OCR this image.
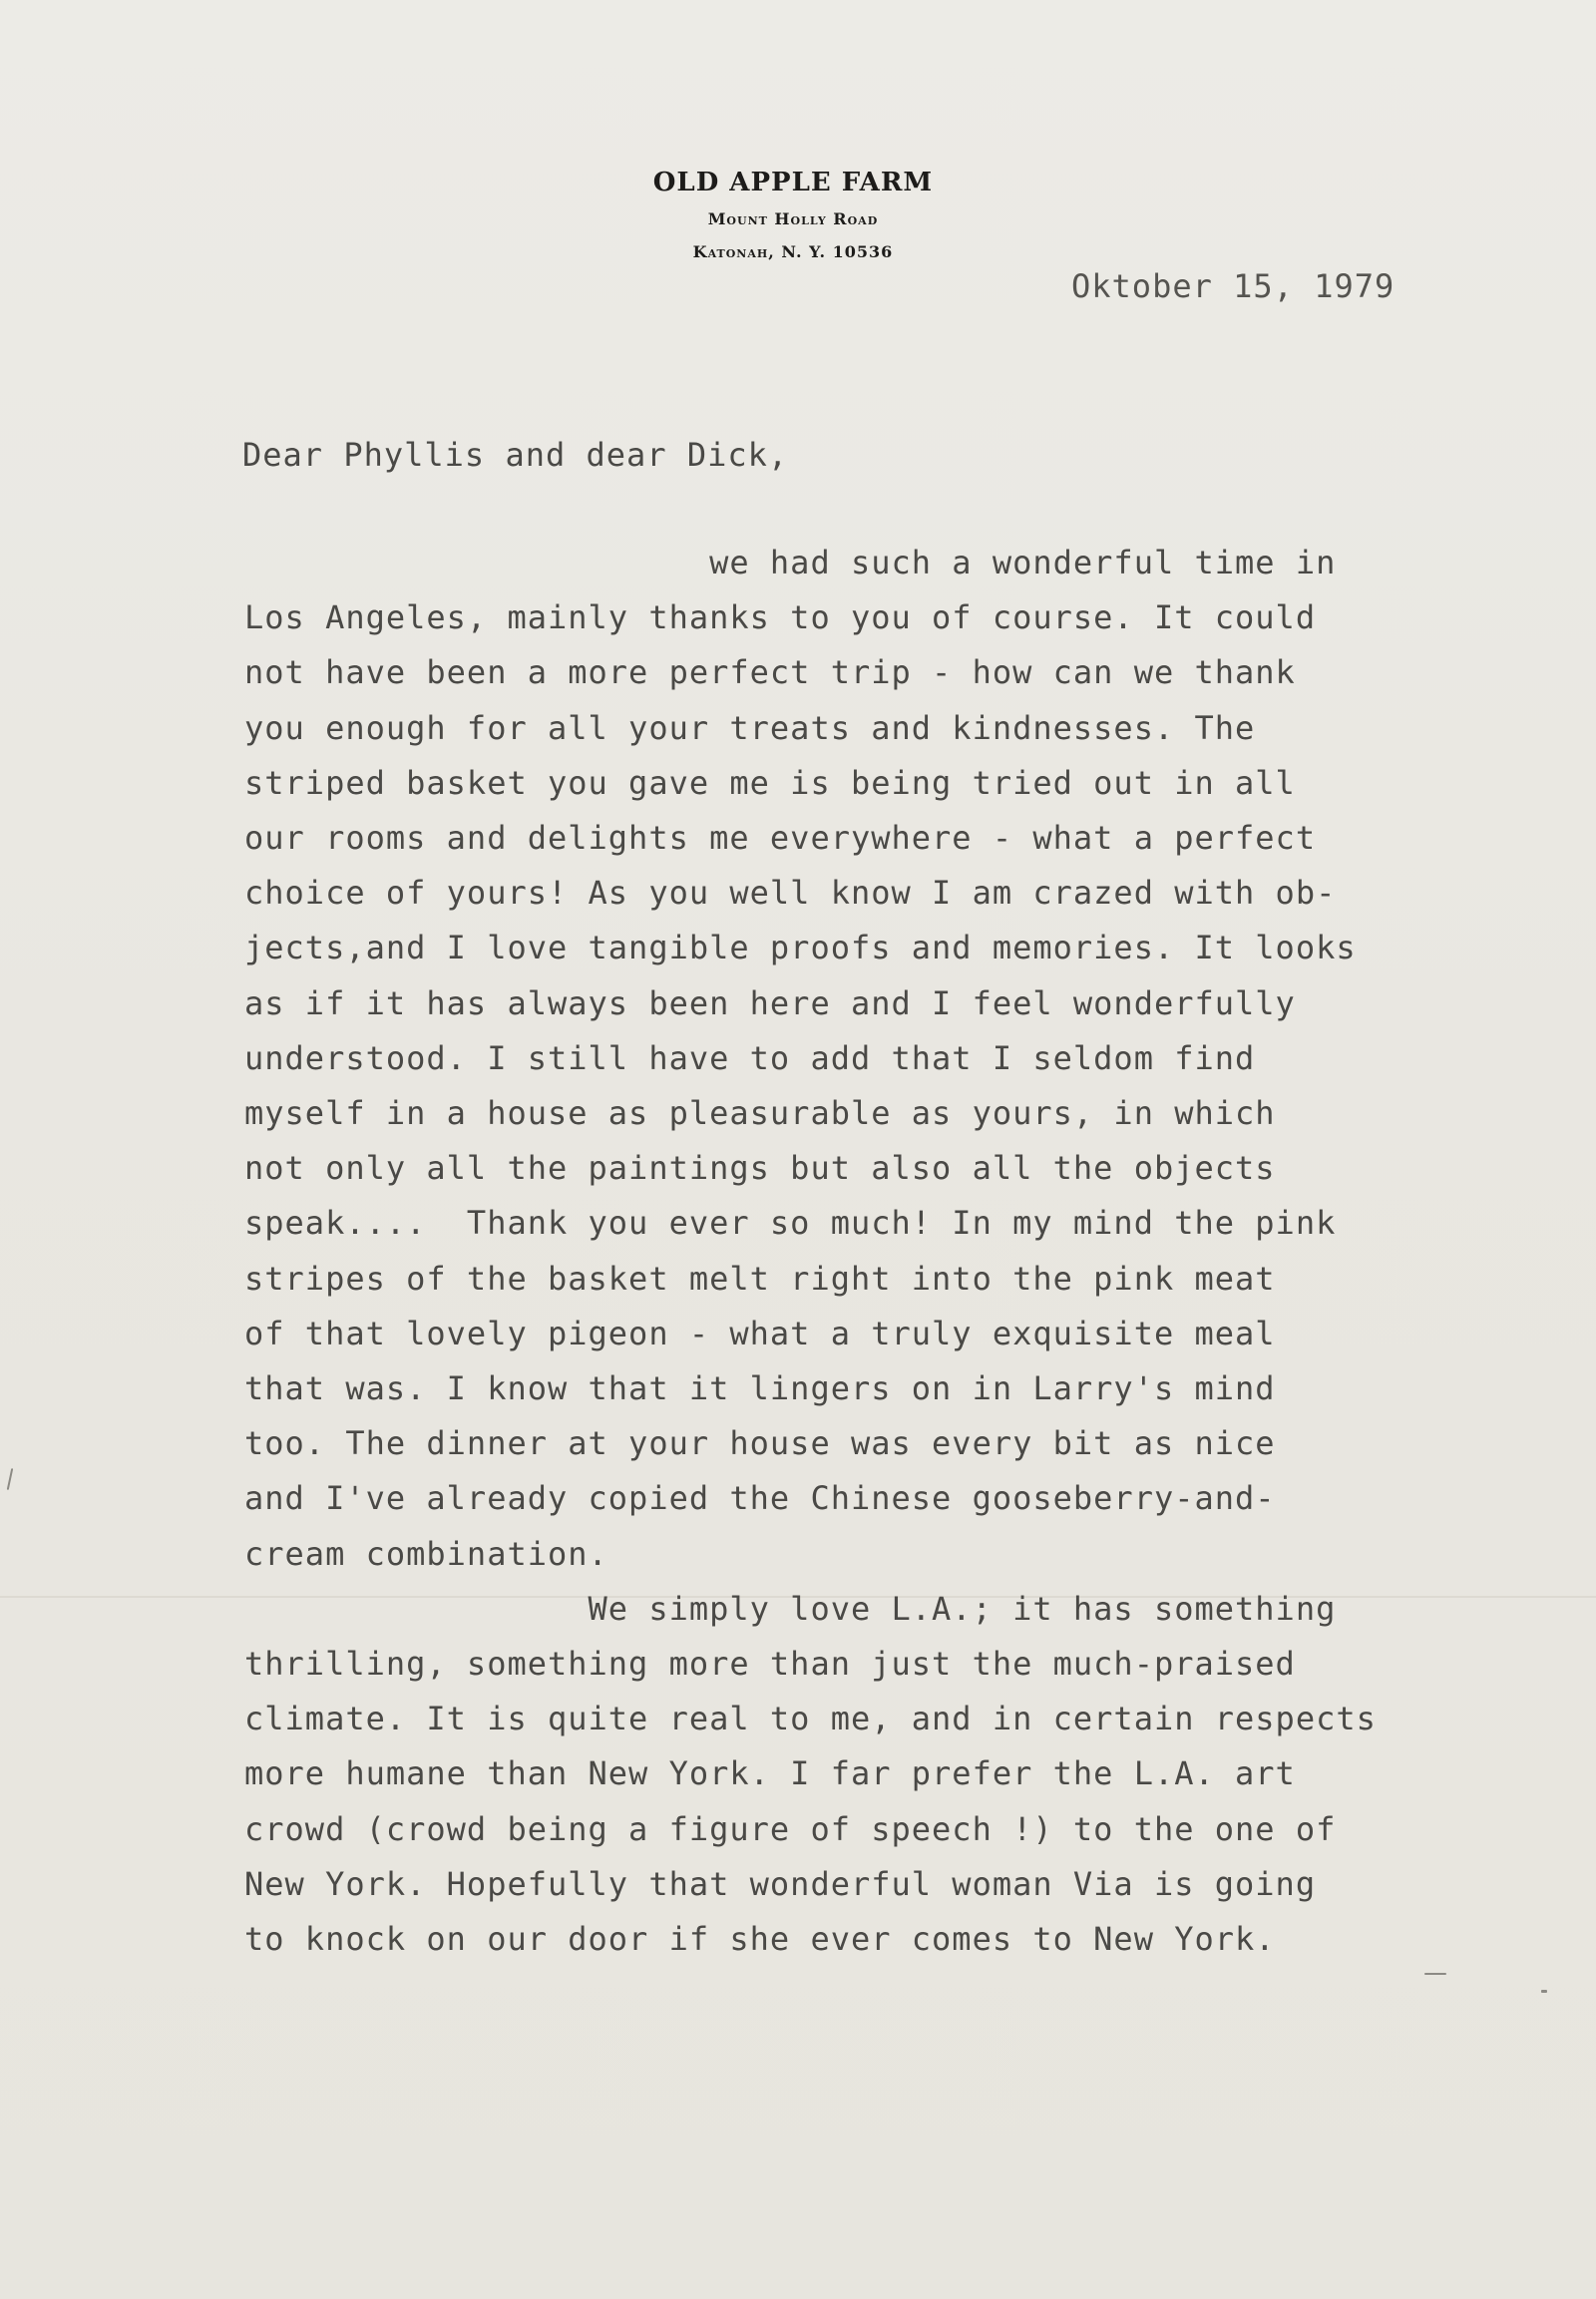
OLD APPLE FARM
Mount Holly Road
Katonah, N. Y. 10536
Oktober 15, 1979
Dear Phyllis and dear Dick,
we had such a wonderful time in
Los Angeles, mainly thanks to you of course. It could
not have been a more perfect trip - how can we thank
you enough for all your treats and kindnesses. The
striped basket you gave me is being tried out in all
our rooms and delights me everywhere - what a perfect
choice of yours! As you well know I am crazed with ob-
jects,and I love tangible proofs and memories. It looks
as if it has always been here and I feel wonderfully
understood. I still have to add that I seldom find
myself in a house as pleasurable as yours, in which
not only all the paintings but also all the objects
speak....  Thank you ever so much! In my mind the pink
stripes of the basket melt right into the pink meat
of that lovely pigeon - what a truly exquisite meal
that was. I know that it lingers on in Larry's mind
too. The dinner at your house was every bit as nice
and I've already copied the Chinese gooseberry-and-
cream combination.
We simply love L.A.; it has something
thrilling, something more than just the much-praised
climate. It is quite real to me, and in certain respects
more humane than New York. I far prefer the L.A. art
crowd (crowd being a figure of speech !) to the one of
New York. Hopefully that wonderful woman Via is going
to knock on our door if she ever comes to New York.
